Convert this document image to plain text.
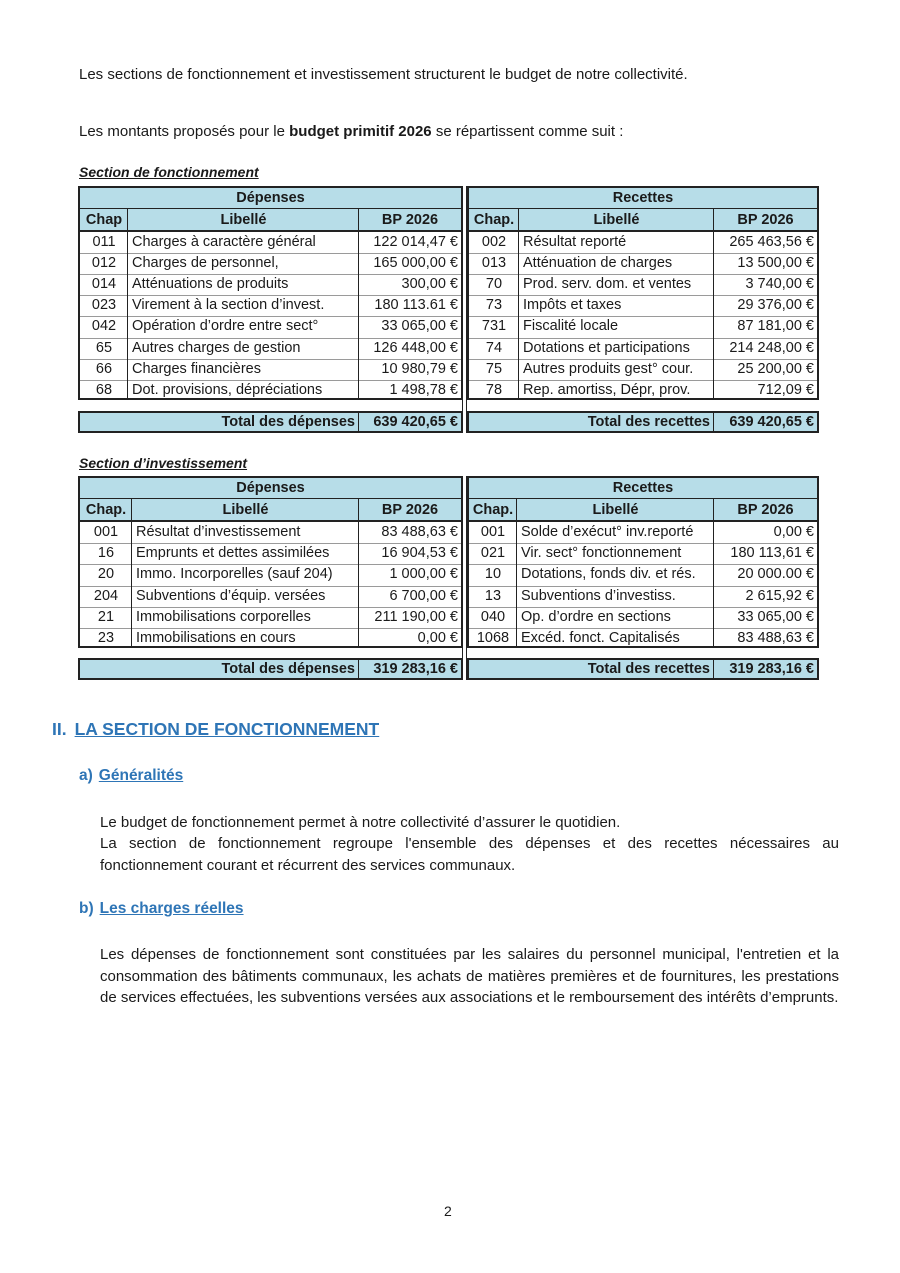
Les sections de fonctionnement et investissement structurent le budget de notre collectivité.
Les montants proposés pour le budget primitif 2026 se répartissent comme suit :
Section de fonctionnement
Dépenses
Chap	Libellé	BP 2026
011	Charges à caractère général	122 014,47 €
012	Charges de personnel,	165 000,00 €
014	Atténuations de produits	300,00 €
023	Virement à la section d’invest.	180 113.61 €
042	Opération d’ordre entre sect°	33 065,00 €
65	Autres charges de gestion	126 448,00 €
66	Charges financières	10 980,79 €
68	Dot. provisions, dépréciations	1 498,78 €
Total des dépenses	639 420,65 €
Recettes
Chap.	Libellé	BP 2026
002	Résultat reporté	265 463,56 €
013	Atténuation de charges	13 500,00 €
70	Prod. serv. dom. et ventes	3 740,00 €
73	Impôts et taxes	29 376,00 €
731	Fiscalité locale	87 181,00 €
74	Dotations et participations	214 248,00 €
75	Autres produits gest° cour.	25 200,00 €
78	Rep. amortiss, Dépr, prov.	712,09 €
Total des recettes	639 420,65 €
Section d’investissement
Dépenses
Chap.	Libellé	BP 2026
001	Résultat d’investissement	83 488,63 €
16	Emprunts et dettes assimilées	16 904,53 €
20	Immo. Incorporelles (sauf 204)	1 000,00 €
204	Subventions d’équip. versées	6 700,00 €
21	Immobilisations corporelles	211 190,00 €
23	Immobilisations en cours	0,00 €
Total des dépenses	319 283,16 €
Recettes
Chap.	Libellé	BP 2026
001	Solde d’exécut° inv.reporté	0,00 €
021	Vir. sect° fonctionnement	180 113,61 €
10	Dotations, fonds div. et rés.	20 000.00 €
13	Subventions d’investiss.	2 615,92 €
040	Op. d’ordre en sections	33 065,00 €
1068 Excéd. fonct. Capitalisés	83 488,63 €
Total des recettes	319 283,16 €
II. LA SECTION DE FONCTIONNEMENT
a) Généralités
Le budget de fonctionnement permet à notre collectivité d’assurer le quotidien.
La section de fonctionnement regroupe l'ensemble des dépenses et des recettes nécessaires au fonctionnement courant et récurrent des services communaux.
b) Les charges réelles
Les dépenses de fonctionnement sont constituées par les salaires du personnel municipal, l'entretien et la consommation des bâtiments communaux, les achats de matières premières et de fournitures, les prestations de services effectuées, les subventions versées aux associations et le remboursement des intérêts d’emprunts.
2
